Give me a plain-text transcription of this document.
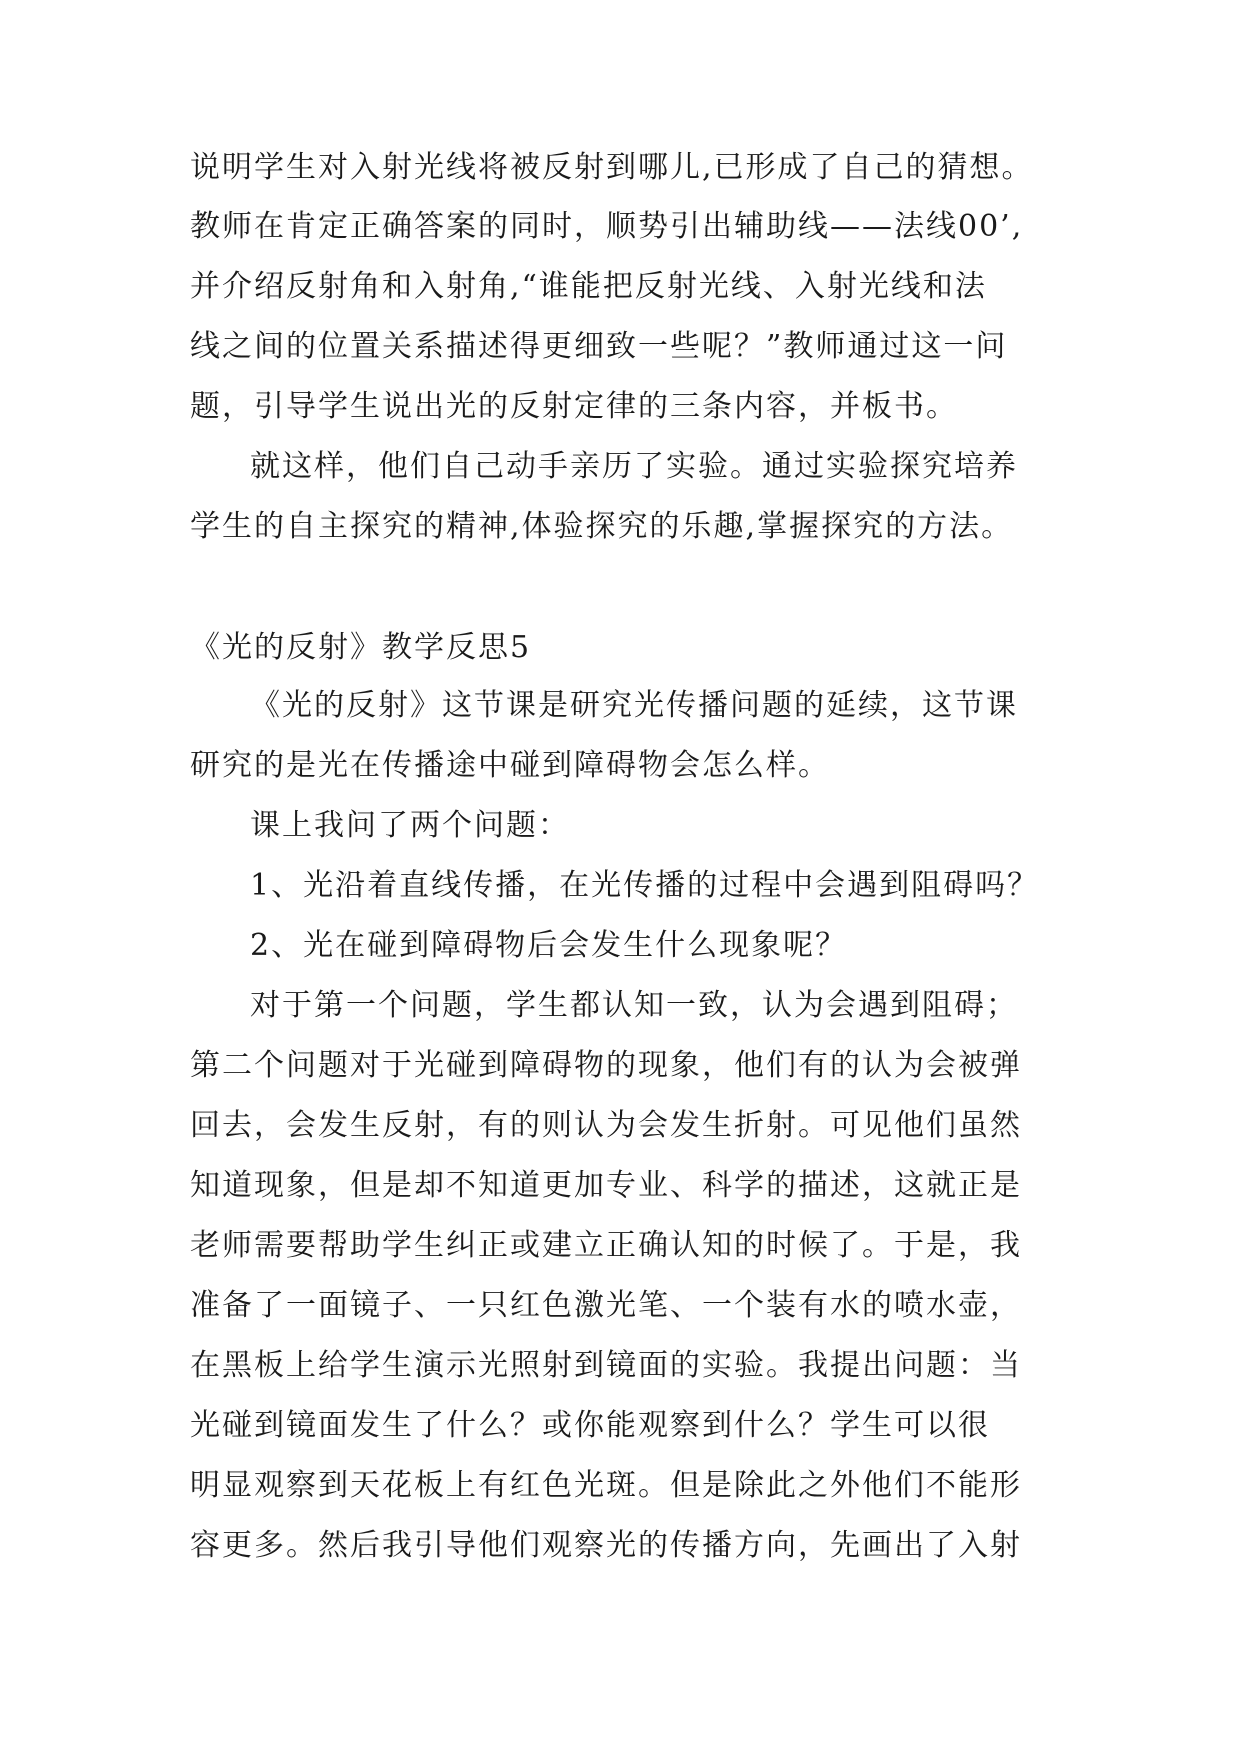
说明学生对入射光线将被反射到哪儿,已形成了自己的猜想。
教师在肯定正确答案的同时，顺势引出辅助线——法线00’,
并介绍反射角和入射角,“谁能把反射光线、入射光线和法
线之间的位置关系描述得更细致一些呢？”教师通过这一问
题，引导学生说出光的反射定律的三条内容，并板书。
就这样，他们自己动手亲历了实验。通过实验探究培养
学生的自主探究的精神,体验探究的乐趣,掌握探究的方法。
《光的反射》教学反思5
《光的反射》这节课是研究光传播问题的延续，这节课
研究的是光在传播途中碰到障碍物会怎么样。
课上我问了两个问题：
1、光沿着直线传播，在光传播的过程中会遇到阻碍吗？
2、光在碰到障碍物后会发生什么现象呢？
对于第一个问题，学生都认知一致，认为会遇到阻碍；
第二个问题对于光碰到障碍物的现象，他们有的认为会被弹
回去，会发生反射，有的则认为会发生折射。可见他们虽然
知道现象，但是却不知道更加专业、科学的描述，这就正是
老师需要帮助学生纠正或建立正确认知的时候了。于是，我
准备了一面镜子、一只红色激光笔、一个装有水的喷水壶，
在黑板上给学生演示光照射到镜面的实验。我提出问题：当
光碰到镜面发生了什么？或你能观察到什么？学生可以很
明显观察到天花板上有红色光斑。但是除此之外他们不能形
容更多。然后我引导他们观察光的传播方向，先画出了入射
